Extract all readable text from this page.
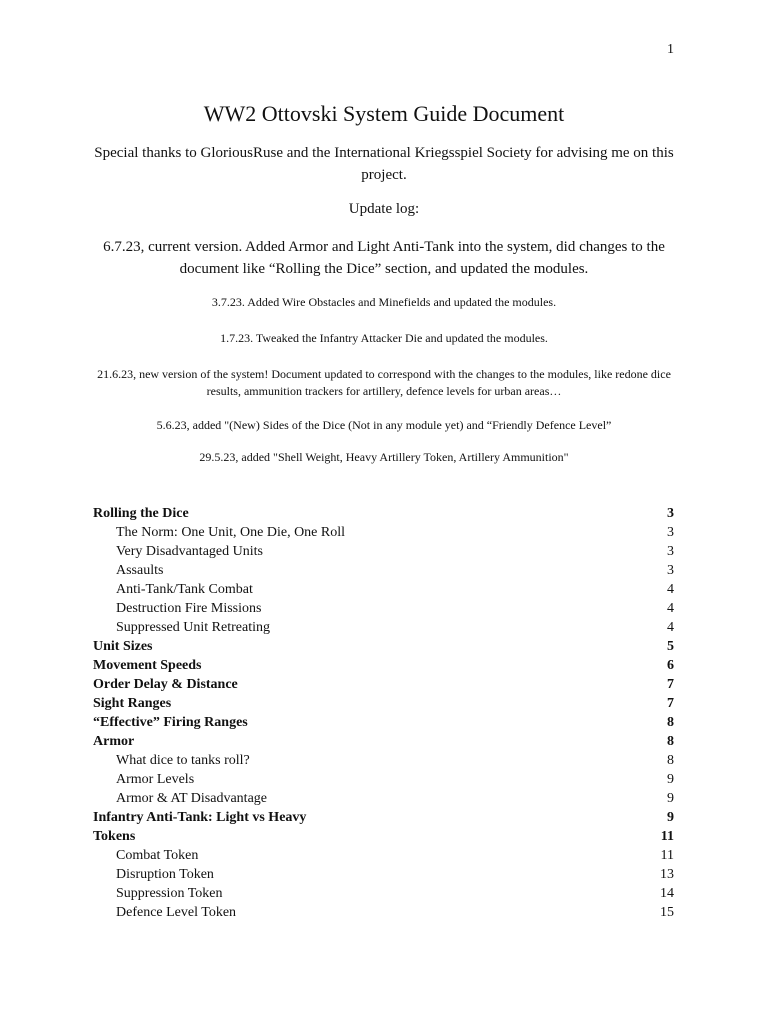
1
WW2 Ottovski System Guide Document

Special thanks to GloriousRuse and the International Kriegsspiel Society for advising me on this project.

Update log:

6.7.23, current version. Added Armor and Light Anti-Tank into the system, did changes to the document like “Rolling the Dice” section, and updated the modules.

3.7.23. Added Wire Obstacles and Minefields and updated the modules.

1.7.23. Tweaked the Infantry Attacker Die and updated the modules.

21.6.23, new version of the system! Document updated to correspond with the changes to the modules, like redone dice results, ammunition trackers for artillery, defence levels for urban areas…

5.6.23, added "(New) Sides of the Dice (Not in any module yet) and “Friendly Defence Level”

29.5.23, added "Shell Weight, Heavy Artillery Token, Artillery Ammunition"

Rolling the Dice	3
The Norm: One Unit, One Die, One Roll	3
Very Disadvantaged Units	3
Assaults	3
Anti-Tank/Tank Combat	4
Destruction Fire Missions	4
Suppressed Unit Retreating	4
Unit Sizes	5
Movement Speeds	6
Order Delay & Distance	7
Sight Ranges	7
“Effective” Firing Ranges	8
Armor	8
What dice to tanks roll?	8
Armor Levels	9
Armor & AT Disadvantage	9
Infantry Anti-Tank: Light vs Heavy	9
Tokens	11
Combat Token	11
Disruption Token	13
Suppression Token	14
Defence Level Token	15
